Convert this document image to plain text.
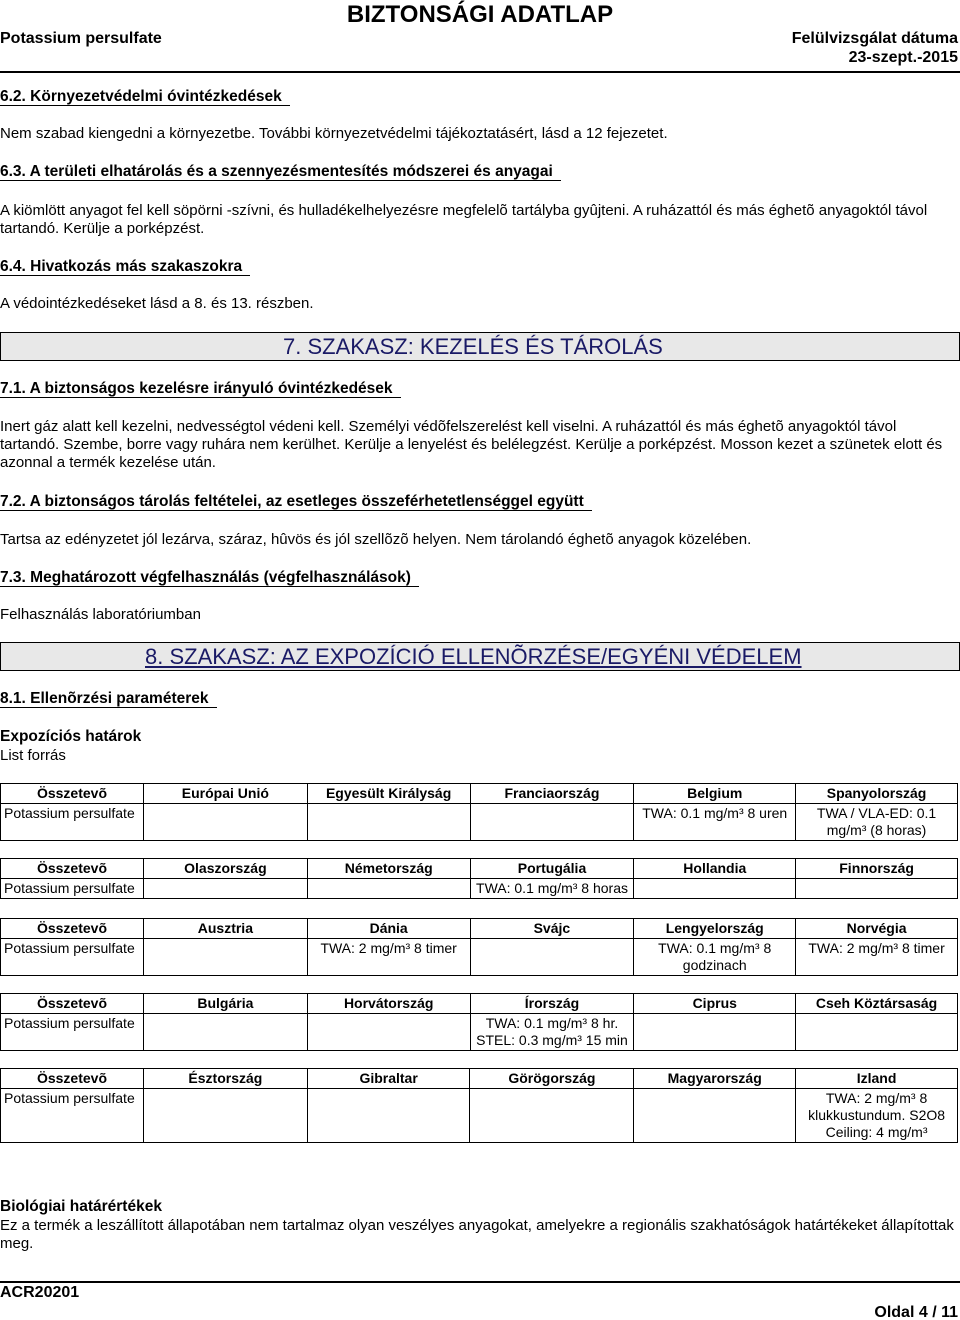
BIZTONSÁGI ADATLAP
Potassium persulfate	Felülvizsgálat dátuma
23-szept.-2015
6.2. Környezetvédelmi óvintézkedések
Nem szabad kiengedni a környezetbe. További környezetvédelmi tájékoztatásért, lásd a 12 fejezetet.
6.3. A területi elhatárolás és a szennyezésmentesítés módszerei és anyagai
A kiömlött anyagot fel kell söpörni -szívni, és hulladékelhelyezésre megfelelõ tartályba gyûjteni. A ruházattól és más éghetõ anyagoktól távol tartandó. Kerülje a porképzést.
6.4. Hivatkozás más szakaszokra
A védointézkedéseket lásd a 8. és 13. részben.
7. SZAKASZ: KEZELÉS ÉS TÁROLÁS
7.1. A biztonságos kezelésre irányuló óvintézkedések
Inert gáz alatt kell kezelni, nedvességtol védeni kell. Személyi védõfelszerelést kell viselni. A ruházattól és más éghetõ anyagoktól távol tartandó. Szembe, borre vagy ruhára nem kerülhet. Kerülje a lenyelést és belélegzést. Kerülje a porképzést. Mosson kezet a szünetek elott és azonnal a termék kezelése után.
7.2. A biztonságos tárolás feltételei, az esetleges összeférhetetlenséggel együtt
Tartsa az edényzetet jól lezárva, száraz, hûvös és jól szellõzõ helyen. Nem tárolandó éghetõ anyagok közelében.
7.3. Meghatározott végfelhasználás (végfelhasználások)
Felhasználás laboratóriumban
8. SZAKASZ: AZ EXPOZÍCIÓ ELLENÕRZÉSE/EGYÉNI VÉDELEM
8.1. Ellenõrzési paraméterek
Expozíciós határok
List forrás
Összetevõ	Európai Unió	Egyesült Királyság	Franciaország	Belgium	Spanyolország
Potassium persulfate				TWA: 0.1 mg/m³ 8 uren	TWA / VLA-ED: 0.1 mg/m³ (8 horas)
Összetevõ	Olaszország	Németország	Portugália	Hollandia	Finnország
Potassium persulfate			TWA: 0.1 mg/m³ 8 horas		
Összetevõ	Ausztria	Dánia	Svájc	Lengyelország	Norvégia
Potassium persulfate		TWA: 2 mg/m³ 8 timer		TWA: 0.1 mg/m³ 8 godzinach	TWA: 2 mg/m³ 8 timer
Összetevõ	Bulgária	Horvátország	Írország	Ciprus	Cseh Köztársaság
Potassium persulfate			TWA: 0.1 mg/m³ 8 hr. STEL: 0.3 mg/m³ 15 min		
Összetevõ	Észtország	Gibraltar	Görögország	Magyarország	Izland
Potassium persulfate					TWA: 2 mg/m³ 8 klukkustundum. S2O8 Ceiling: 4 mg/m³
Biológiai határértékek
Ez a termék a leszállított állapotában nem tartalmaz olyan veszélyes anyagokat, amelyekre a regionális szakhatóságok határtékeket állapítottak meg.
ACR20201
Oldal 4 / 11
